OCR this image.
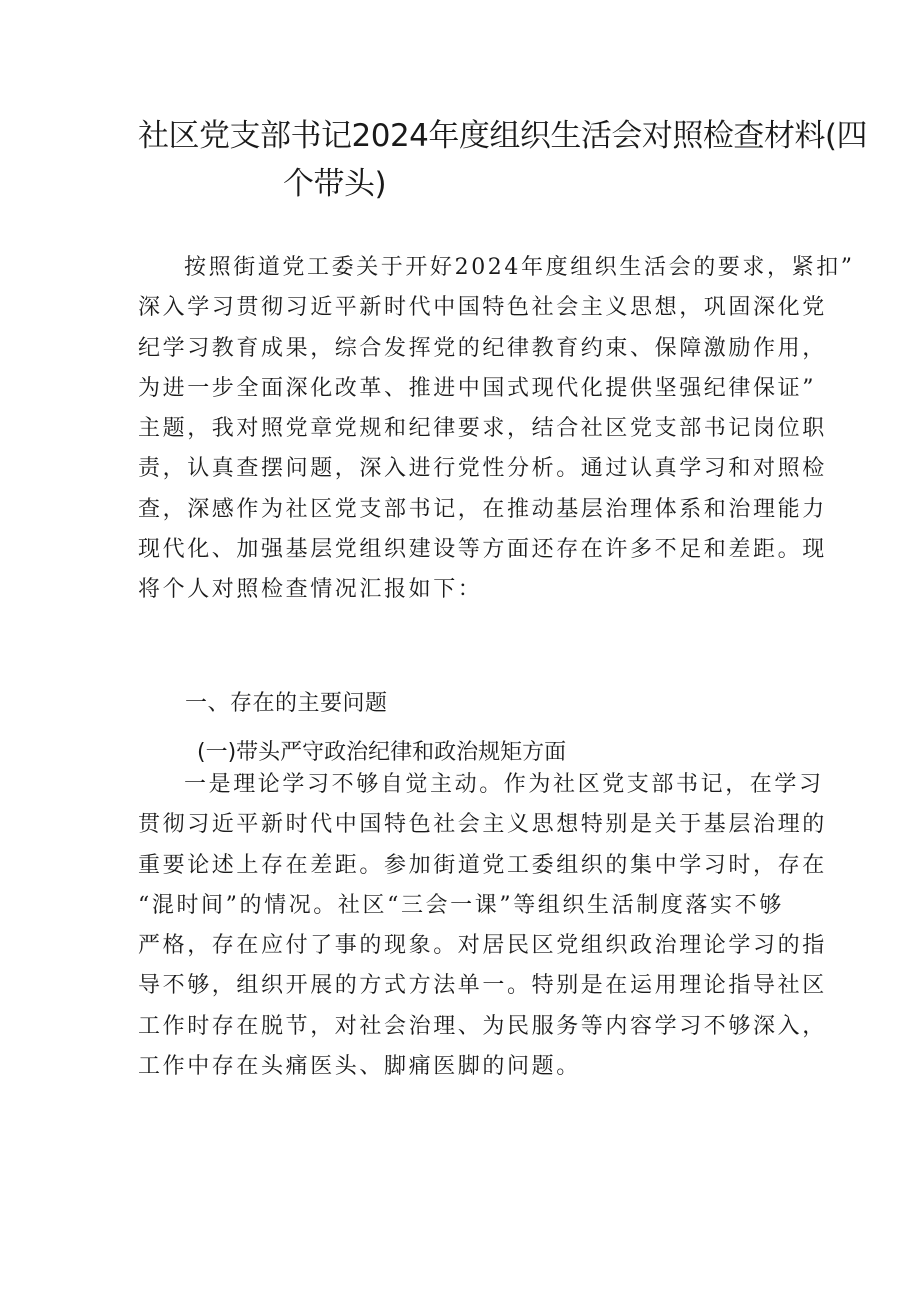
社区党支部书记2024年度组织生活会对照检查材料(四
个带头)
按照街道党工委关于开好2024年度组织生活会的要求，紧扣”
深入学习贯彻习近平新时代中国特色社会主义思想，巩固深化党
纪学习教育成果，综合发挥党的纪律教育约束、保障激励作用，
为进一步全面深化改革、推进中国式现代化提供坚强纪律保证”
主题，我对照党章党规和纪律要求，结合社区党支部书记岗位职
责，认真查摆问题，深入进行党性分析。通过认真学习和对照检
查，深感作为社区党支部书记，在推动基层治理体系和治理能力
现代化、加强基层党组织建设等方面还存在许多不足和差距。现
将个人对照检查情况汇报如下：
一、存在的主要问题
(一)带头严守政治纪律和政治规矩方面
一是理论学习不够自觉主动。作为社区党支部书记，在学习
贯彻习近平新时代中国特色社会主义思想特别是关于基层治理的
重要论述上存在差距。参加街道党工委组织的集中学习时，存在
“混时间”的情况。社区“三会一课”等组织生活制度落实不够
严格，存在应付了事的现象。对居民区党组织政治理论学习的指
导不够，组织开展的方式方法单一。特别是在运用理论指导社区
工作时存在脱节，对社会治理、为民服务等内容学习不够深入，
工作中存在头痛医头、脚痛医脚的问题。
